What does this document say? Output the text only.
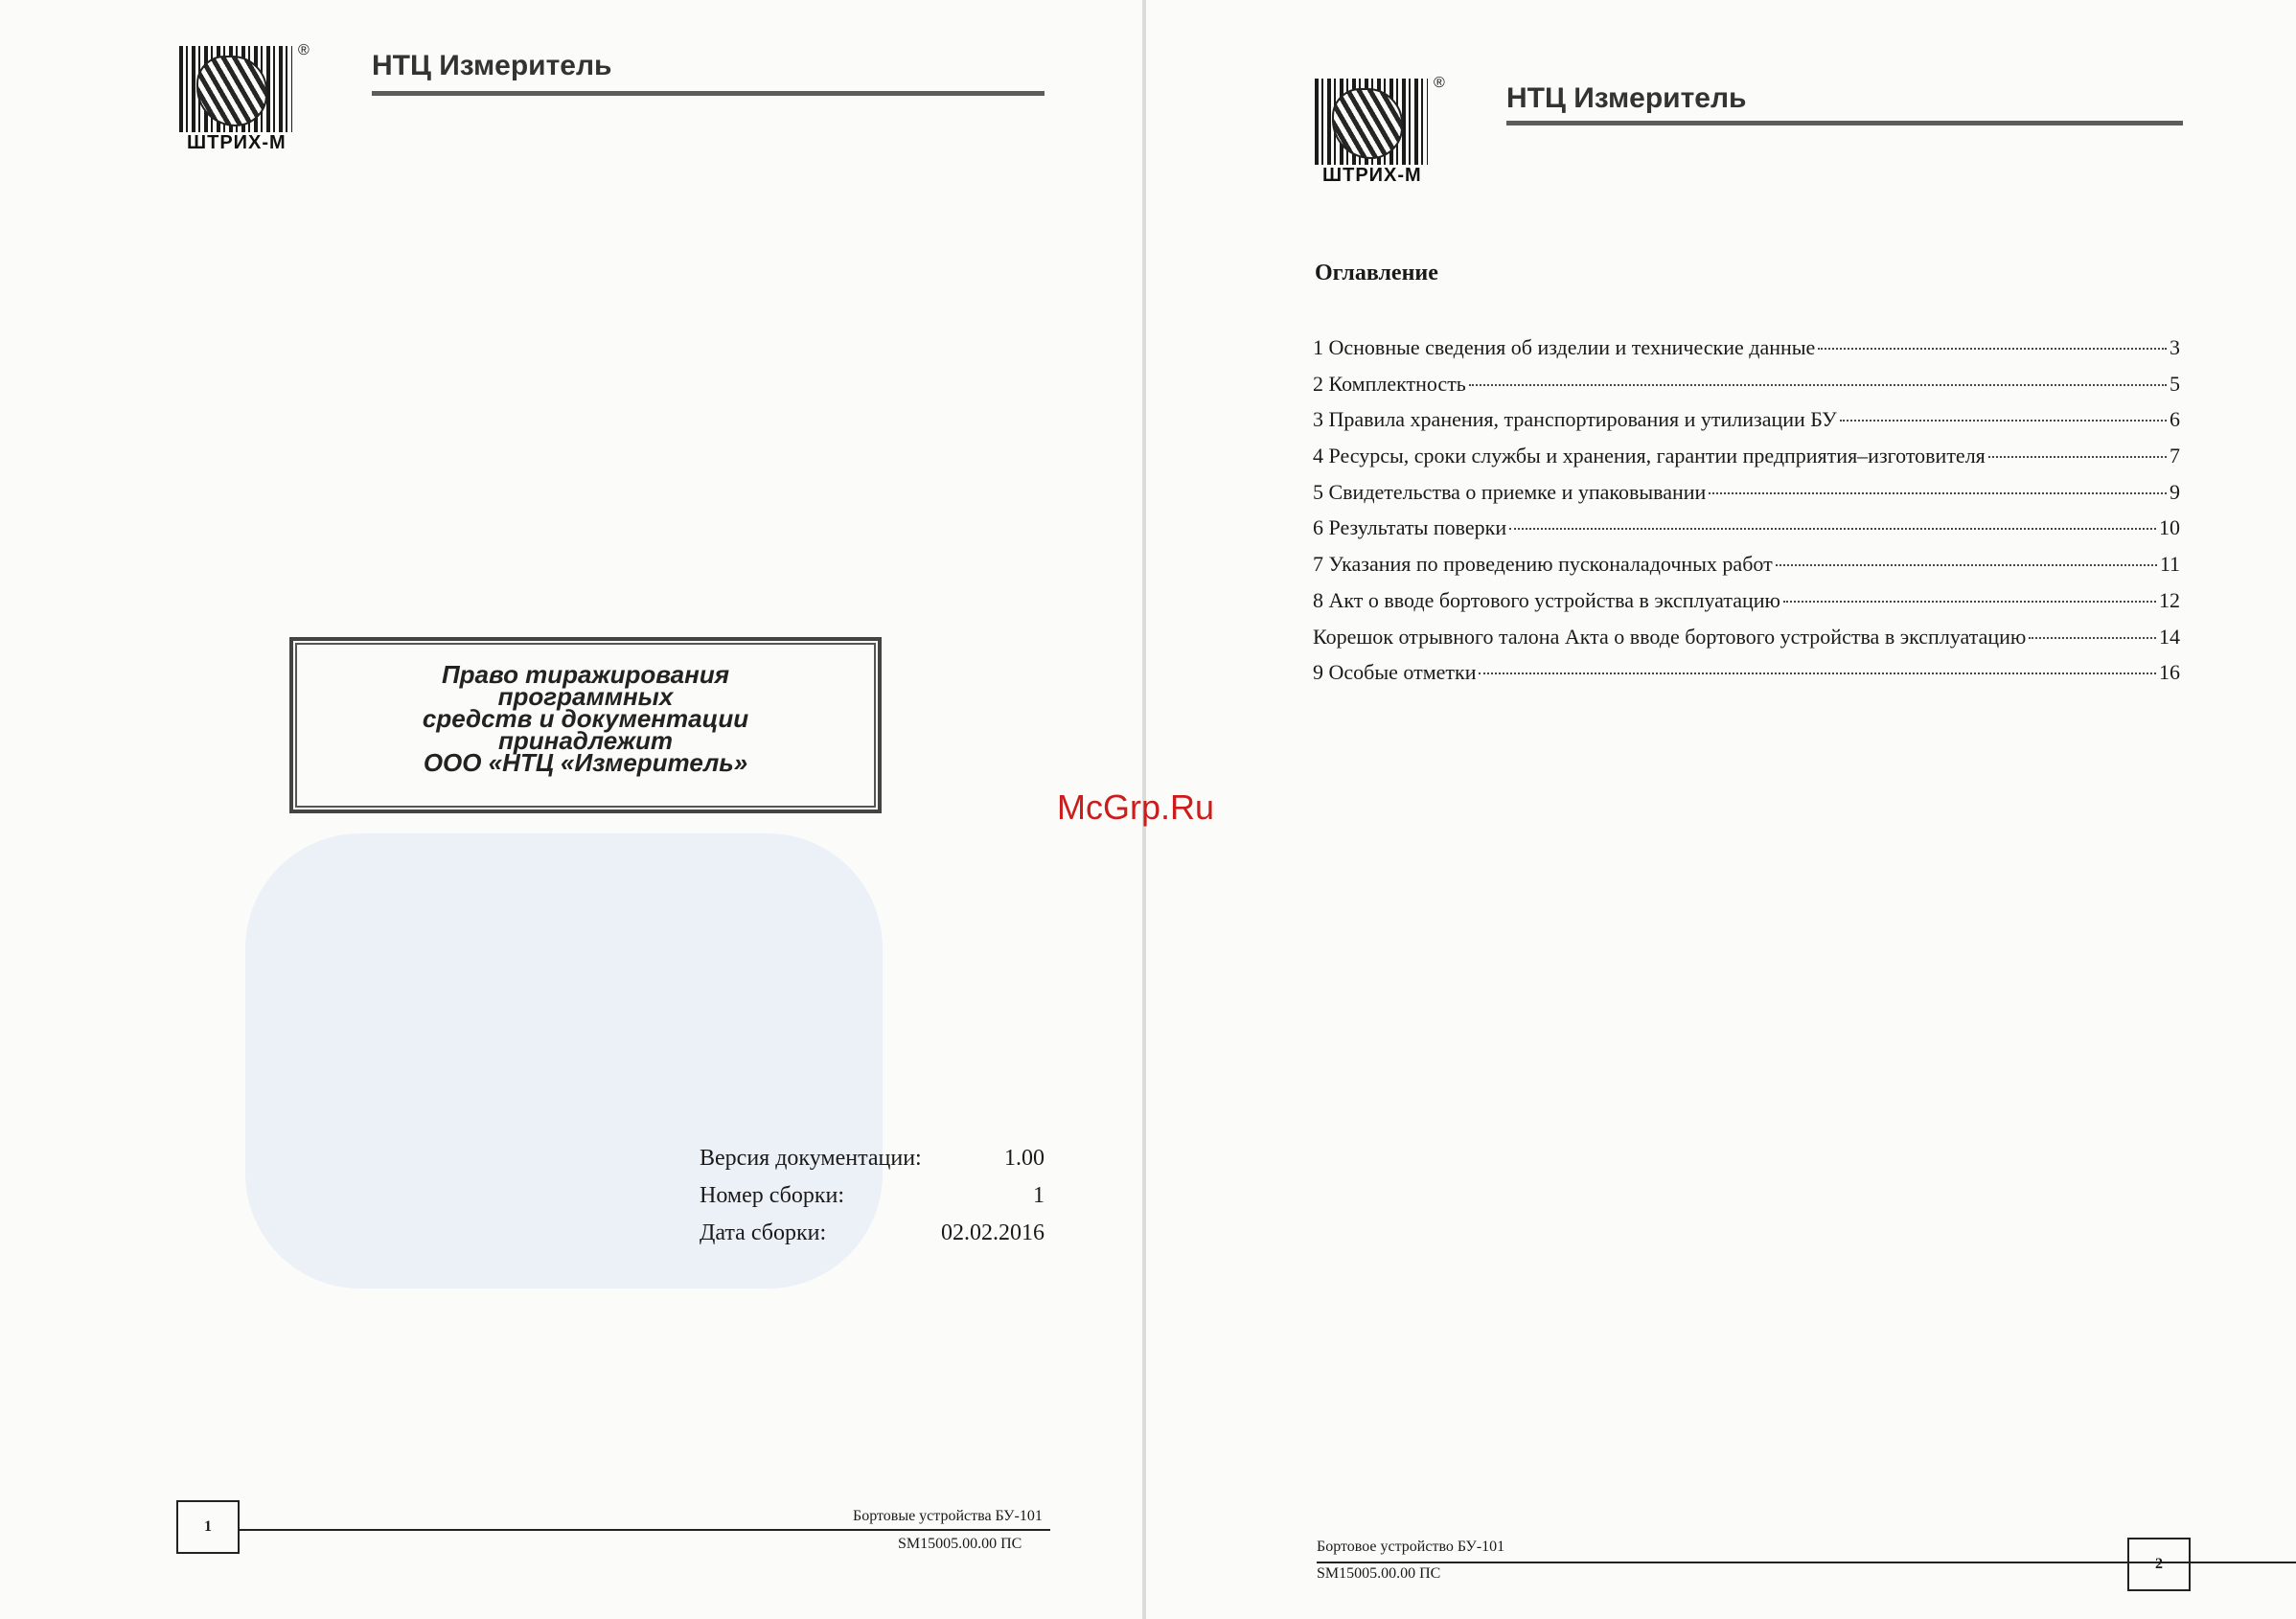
®
ШТРИХ-М
НТЦ Измеритель
Право тиражирования
программных
средств и документации
принадлежит
ООО «НТЦ «Измеритель»
Версия документации:	1.00
Номер сборки:	1
Дата сборки:	02.02.2016
1
Бортовые устройства БУ-101
SM15005.00.00 ПС
®
ШТРИХ-М
НТЦ Измеритель
Бортовое устройство БУ-101
SM15005.00.00 ПС
Оглавление
1 Основные сведения об изделии и технические данные	3
2 Комплектность	5
3 Правила хранения, транспортирования и утилизации БУ	6
4 Ресурсы, сроки службы и хранения, гарантии предприятия–изготовителя	7
5 Свидетельства о приемке и упаковывании	9
6 Результаты поверки	10
7 Указания по проведению пусконаладочных работ	11
8 Акт о вводе бортового устройства в эксплуатацию	12
Корешок отрывного талона Акта о вводе бортового устройства в эксплуатацию	14
9 Особые отметки	16
2
McGrp.Ru
